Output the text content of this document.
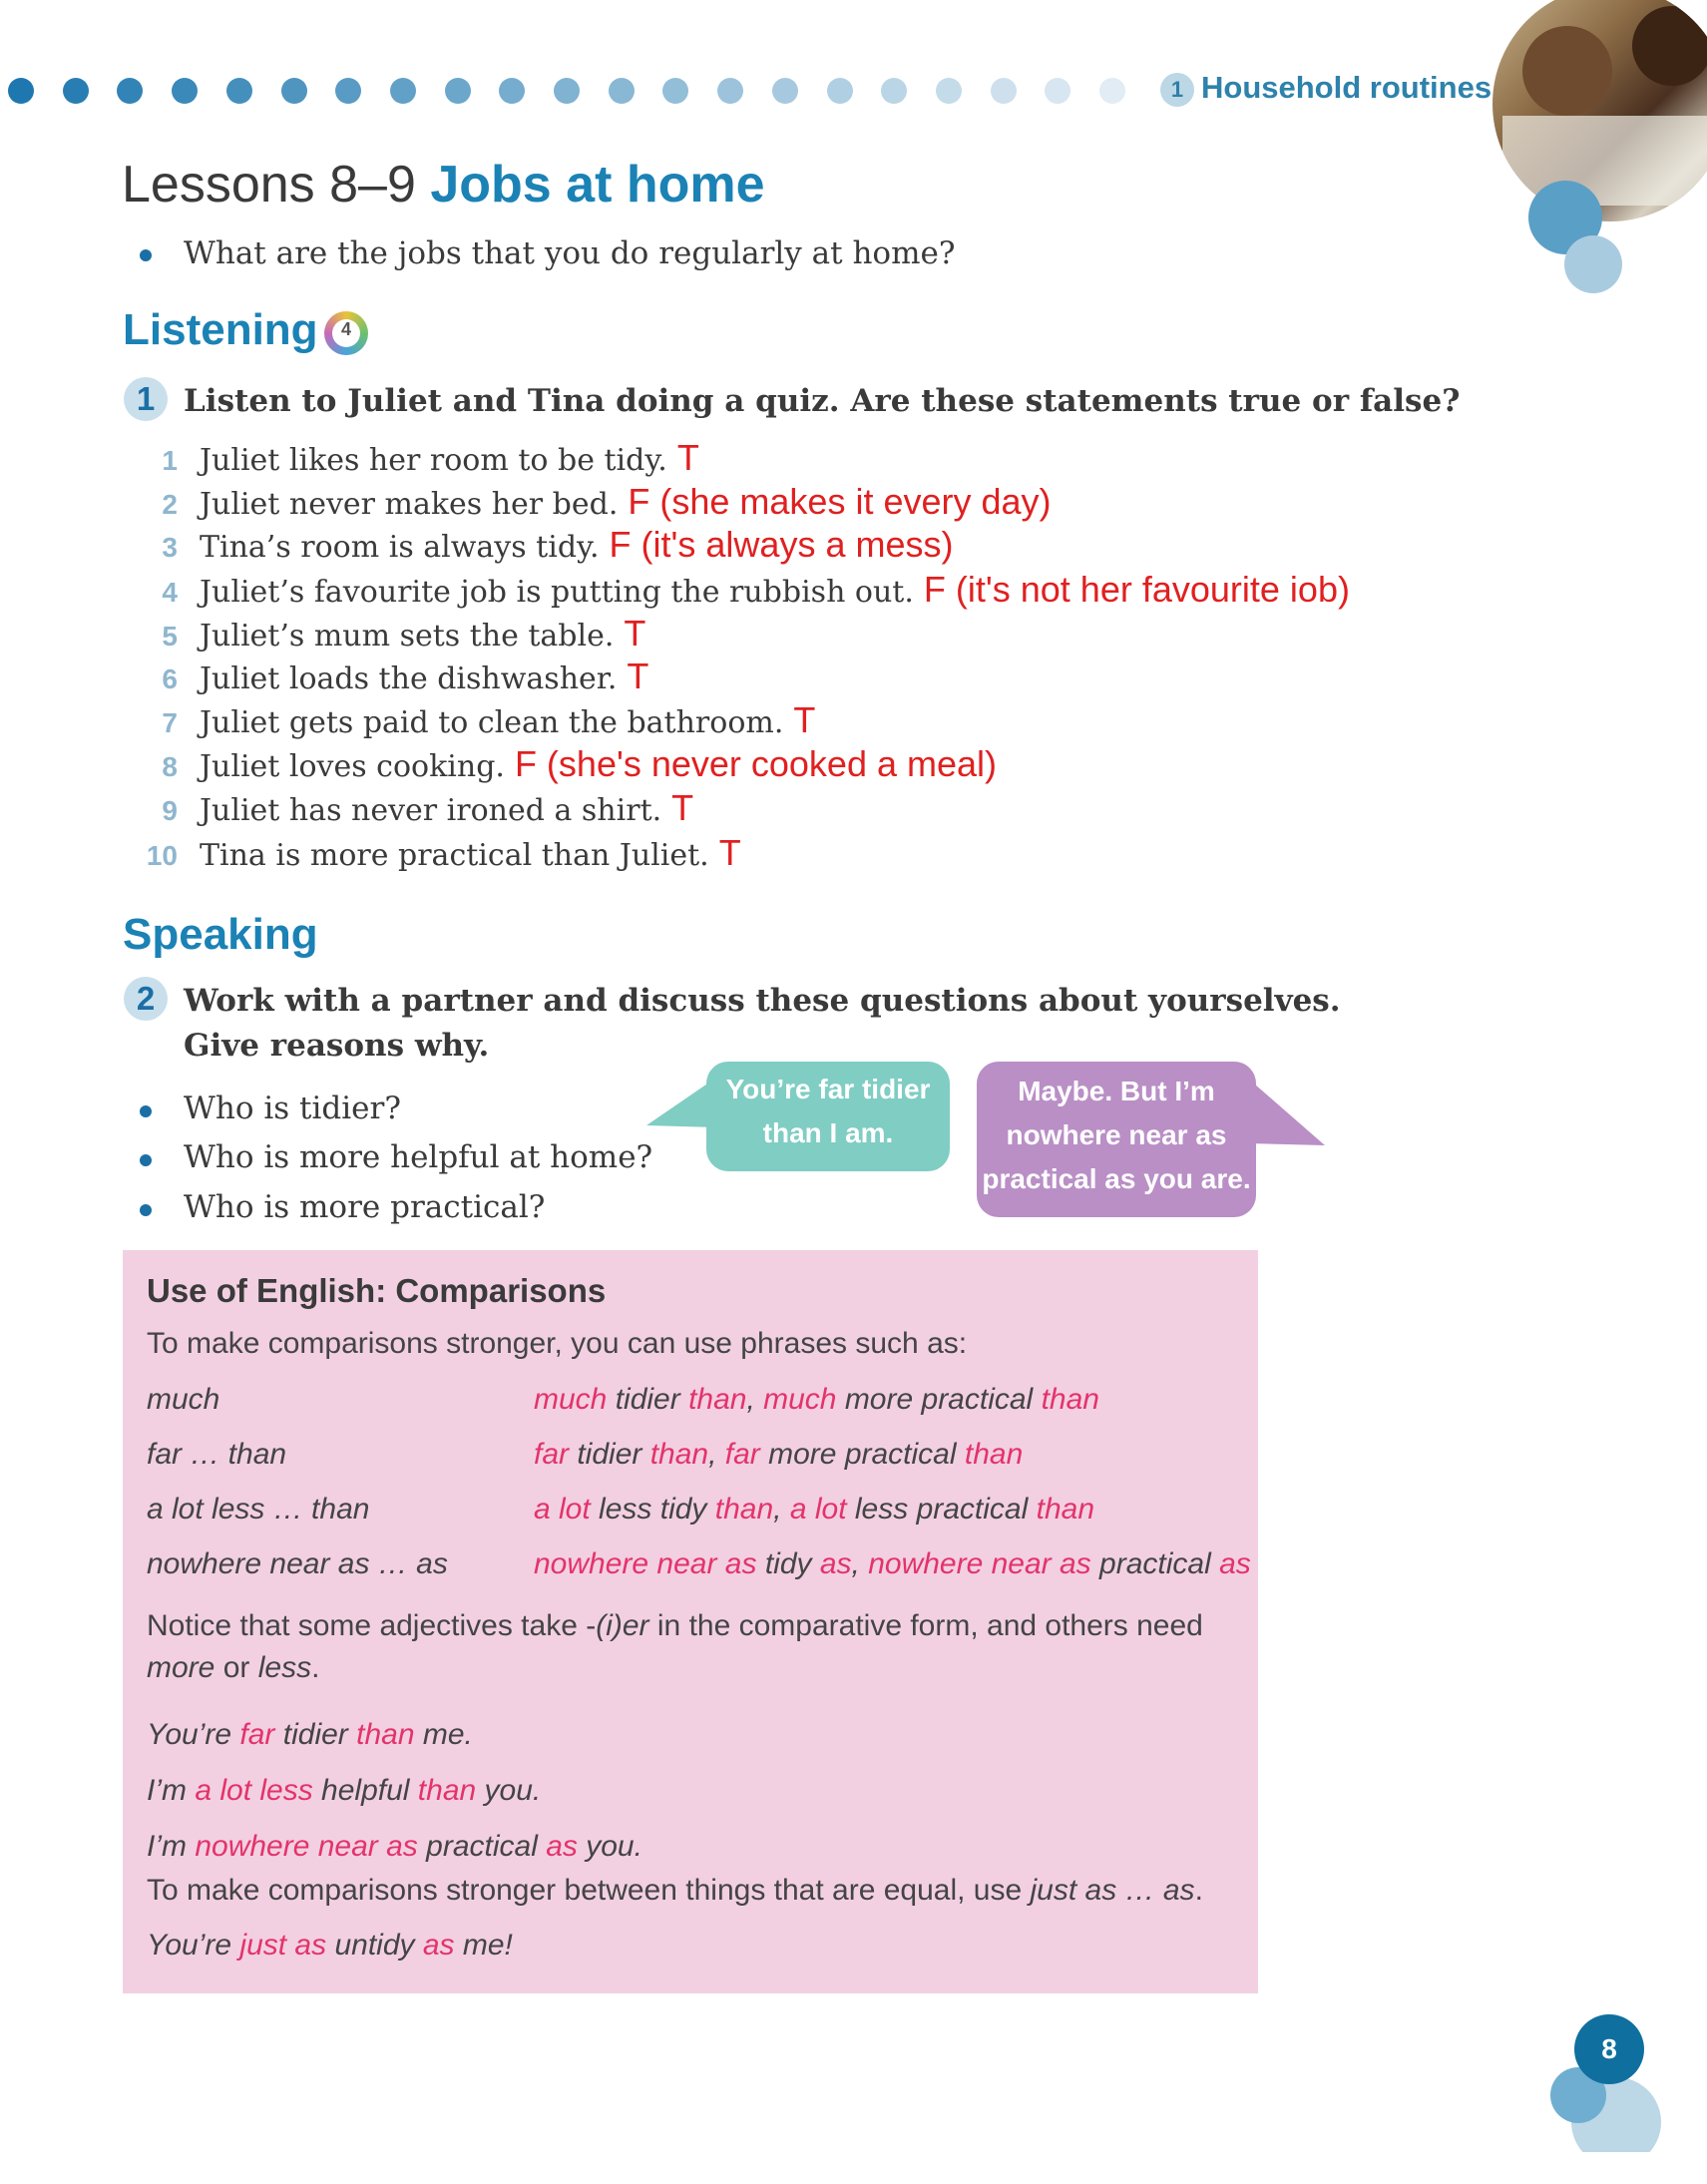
1 Household routines
Lessons 8–9 Jobs at home
What are the jobs that you do regularly at home?
Listening	4
1 Listen to Juliet and Tina doing a quiz. Are these statements true or false?
1 Juliet likes her room to be tidy. T
2 Juliet never makes her bed. F (she makes it every day)
3 Tina’s room is always tidy. F (it's always a mess)
4 Juliet’s favourite job is putting the rubbish out. F (it's not her favourite iob)
5 Juliet’s mum sets the table. T
6 Juliet loads the dishwasher. T
7 Juliet gets paid to clean the bathroom. T
8 Juliet loves cooking. F (she's never cooked a meal)
9 Juliet has never ironed a shirt. T
10 Tina is more practical than Juliet. T
Speaking
2 Work with a partner and discuss these questions about yourselves.
Give reasons why.
Who is tidier?
Who is more helpful at home?
Who is more practical?
You’re far tidier
than I am.
Maybe. But I’m
nowhere near as
practical as you are.
Use of English: Comparisons
To make comparisons stronger, you can use phrases such as:
much	much tidier than, much more practical than
far … than	far tidier than, far more practical than
a lot less … than	a lot less tidy than, a lot less practical than
nowhere near as … as	nowhere near as tidy as, nowhere near as practical as
Notice that some adjectives take -(i)er in the comparative form, and others need
more or less.
You’re far tidier than me.
I’m a lot less helpful than you.
I’m nowhere near as practical as you.
To make comparisons stronger between things that are equal, use just as … as.
You’re just as untidy as me!
8
